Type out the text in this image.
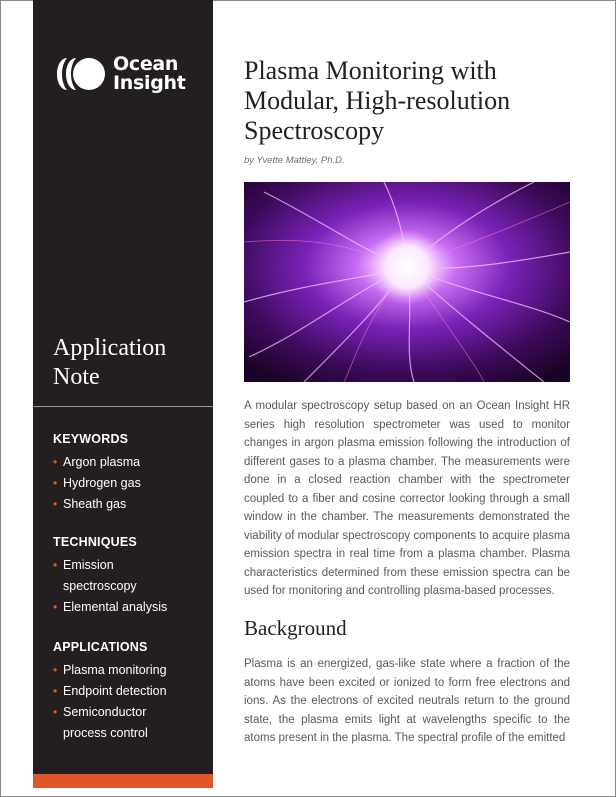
Ocean
Insight
Application Note
KEYWORDS
• Argon plasma
• Hydrogen gas
• Sheath gas
TECHNIQUES
• Emission spectroscopy
• Elemental analysis
APPLICATIONS
• Plasma monitoring
• Endpoint detection
• Semiconductor process control
Plasma Monitoring with Modular, High-resolution Spectroscopy
by Yvette Mattley, Ph.D.
A modular spectroscopy setup based on an Ocean Insight HR series high resolution spectrometer was used to monitor changes in argon plasma emission following the introduction of different gases to a plasma chamber. The measurements were done in a closed reaction chamber with the spectrometer coupled to a fiber and cosine corrector looking through a small window in the chamber. The measurements demonstrated the viability of modular spectroscopy components to acquire plasma emission spectra in real time from a plasma chamber. Plasma characteristics determined from these emission spectra can be used for monitoring and controlling plasma-based processes.
Background
Plasma is an energized, gas-like state where a fraction of the atoms have been excited or ionized to form free electrons and ions. As the electrons of excited neutrals return to the ground state, the plasma emits light at wavelengths specific to the atoms present in the plasma. The spectral profile of the emitted
